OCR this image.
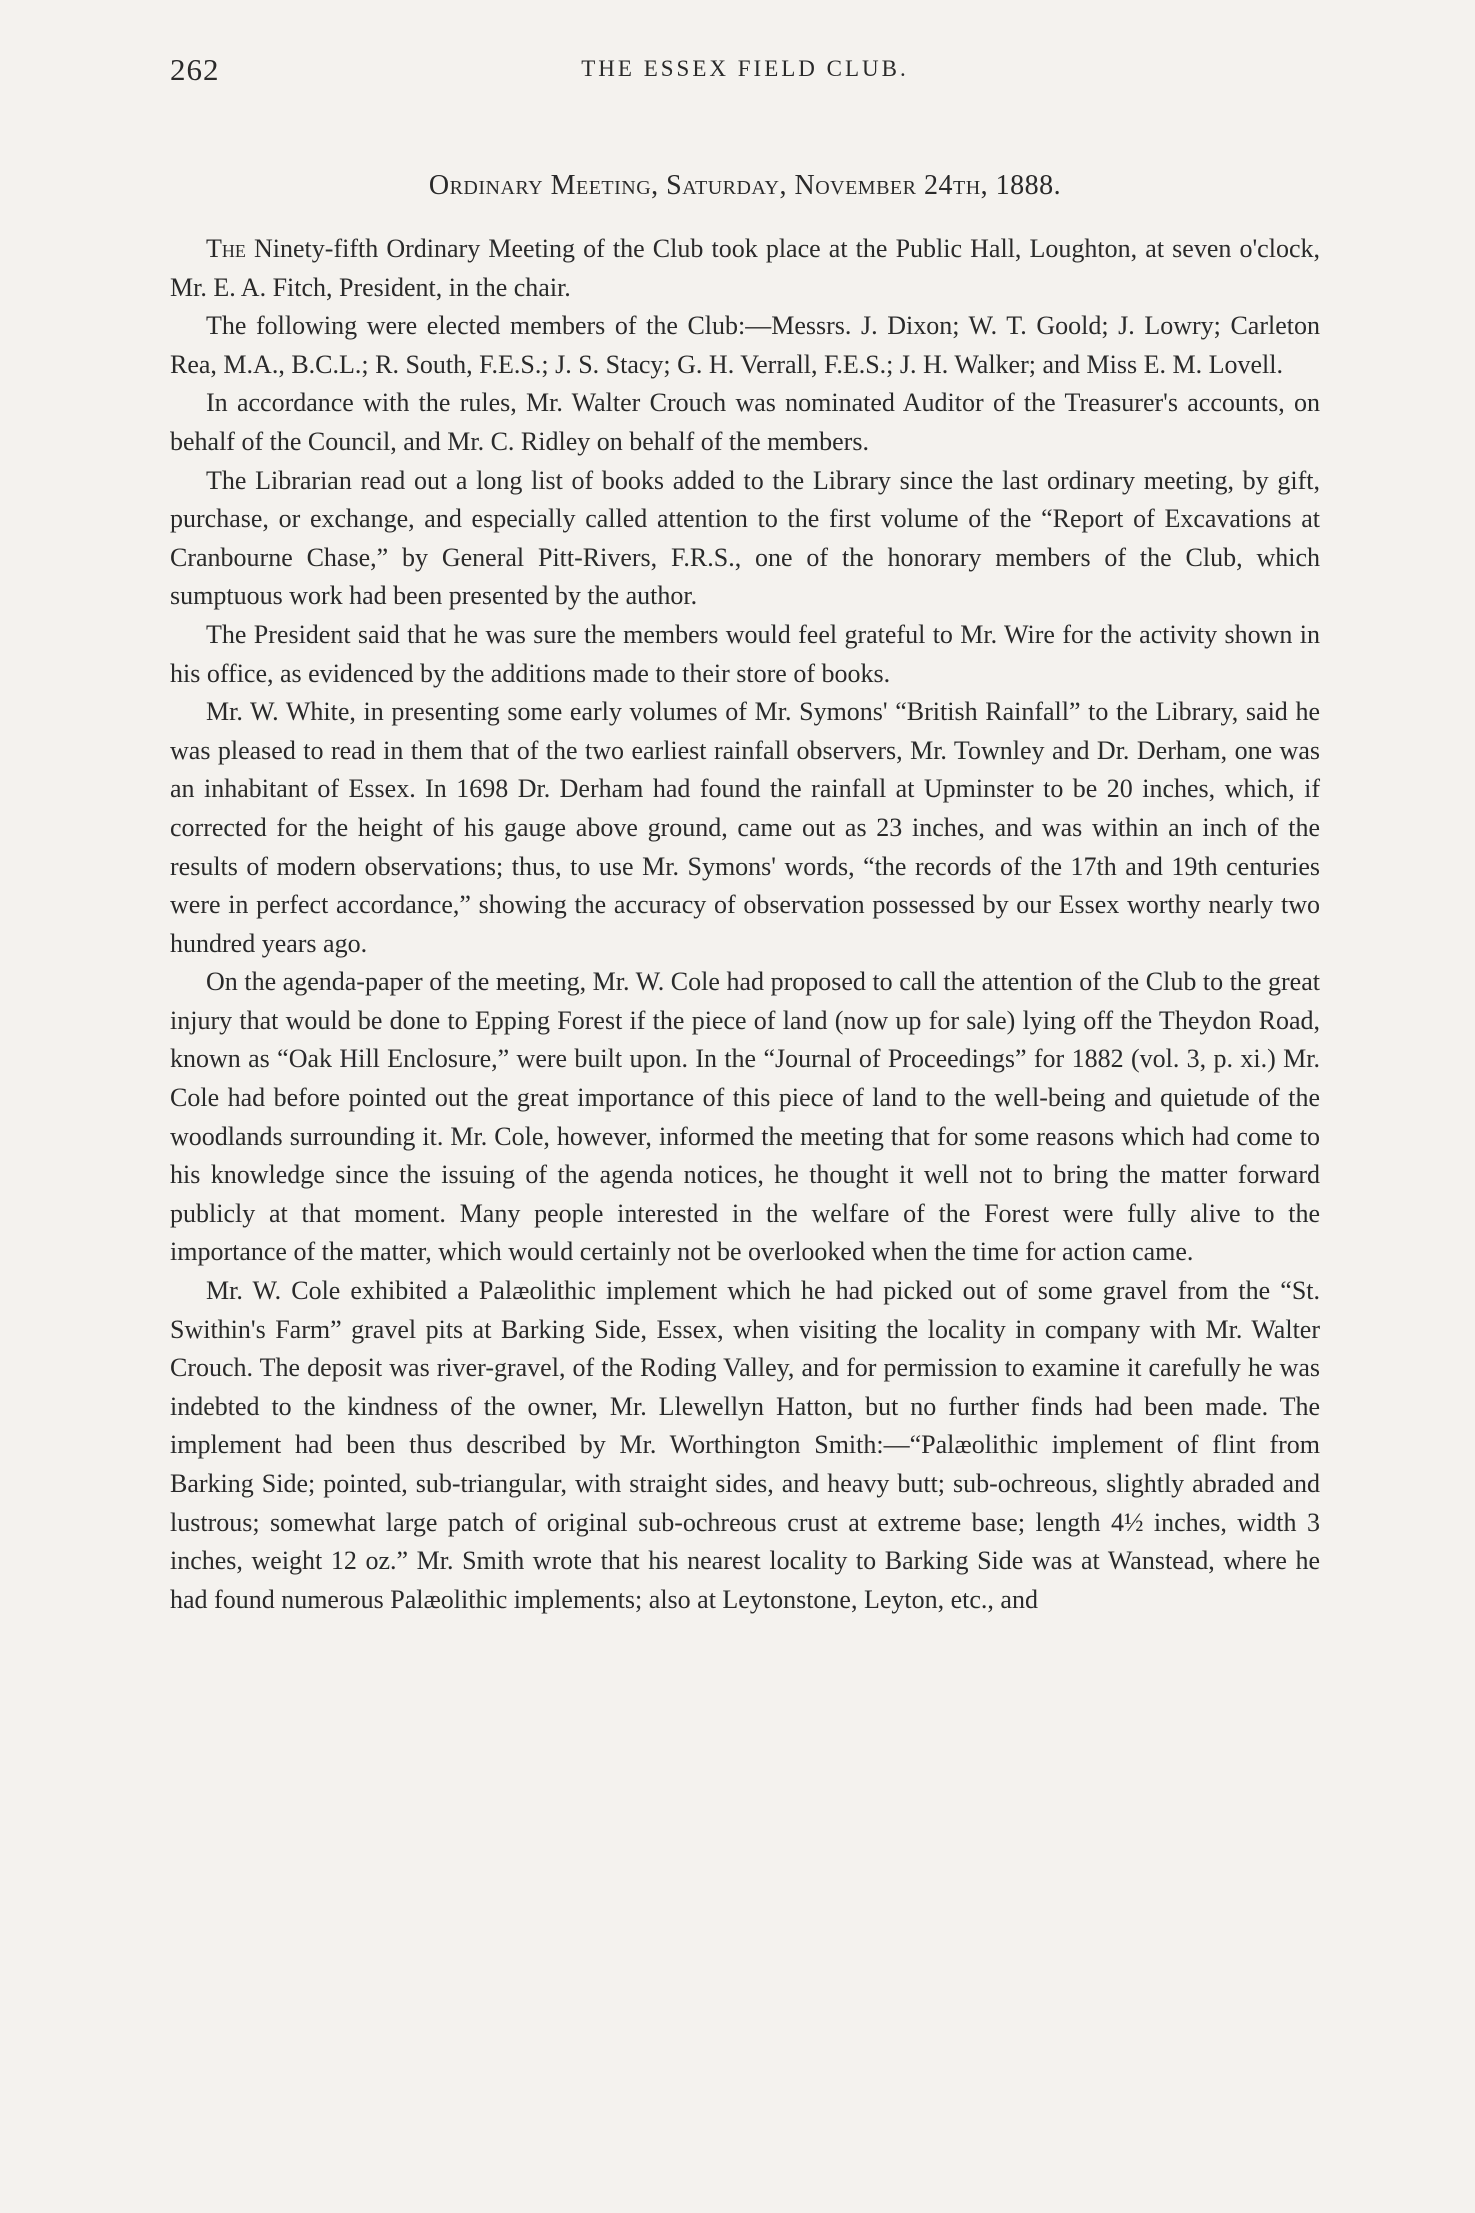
262	THE ESSEX FIELD CLUB.
Ordinary Meeting, Saturday, November 24th, 1888.

The Ninety-fifth Ordinary Meeting of the Club took place at the Public Hall, Loughton, at seven o'clock, Mr. E. A. Fitch, President, in the chair.

The following were elected members of the Club:—Messrs. J. Dixon; W. T. Goold; J. Lowry; Carleton Rea, M.A., B.C.L.; R. South, F.E.S.; J. S. Stacy; G. H. Verrall, F.E.S.; J. H. Walker; and Miss E. M. Lovell.

In accordance with the rules, Mr. Walter Crouch was nominated Auditor of the Treasurer's accounts, on behalf of the Council, and Mr. C. Ridley on behalf of the members.

The Librarian read out a long list of books added to the Library since the last ordinary meeting, by gift, purchase, or exchange, and especially called attention to the first volume of the “Report of Excavations at Cranbourne Chase,” by General Pitt-Rivers, F.R.S., one of the honorary members of the Club, which sumptuous work had been presented by the author.

The President said that he was sure the members would feel grateful to Mr. Wire for the activity shown in his office, as evidenced by the additions made to their store of books.

Mr. W. White, in presenting some early volumes of Mr. Symons' “British Rainfall” to the Library, said he was pleased to read in them that of the two earliest rainfall observers, Mr. Townley and Dr. Derham, one was an inhabitant of Essex. In 1698 Dr. Derham had found the rainfall at Upminster to be 20 inches, which, if corrected for the height of his gauge above ground, came out as 23 inches, and was within an inch of the results of modern observations; thus, to use Mr. Symons' words, “the records of the 17th and 19th centuries were in perfect accordance,” showing the accuracy of observation possessed by our Essex worthy nearly two hundred years ago.

On the agenda-paper of the meeting, Mr. W. Cole had proposed to call the attention of the Club to the great injury that would be done to Epping Forest if the piece of land (now up for sale) lying off the Theydon Road, known as “Oak Hill Enclosure,” were built upon. In the “Journal of Proceedings” for 1882 (vol. 3, p. xi.) Mr. Cole had before pointed out the great importance of this piece of land to the well-being and quietude of the woodlands surrounding it. Mr. Cole, however, informed the meeting that for some reasons which had come to his knowledge since the issuing of the agenda notices, he thought it well not to bring the matter forward publicly at that moment. Many people interested in the welfare of the Forest were fully alive to the importance of the matter, which would certainly not be overlooked when the time for action came.

Mr. W. Cole exhibited a Palæolithic implement which he had picked out of some gravel from the “St. Swithin's Farm” gravel pits at Barking Side, Essex, when visiting the locality in company with Mr. Walter Crouch. The deposit was river-gravel, of the Roding Valley, and for permission to examine it carefully he was indebted to the kindness of the owner, Mr. Llewellyn Hatton, but no further finds had been made. The implement had been thus described by Mr. Worthington Smith:—“Palæolithic implement of flint from Barking Side; pointed, sub-triangular, with straight sides, and heavy butt; sub-ochreous, slightly abraded and lustrous; somewhat large patch of original sub-ochreous crust at extreme base; length 4½ inches, width 3 inches, weight 12 oz.” Mr. Smith wrote that his nearest locality to Barking Side was at Wanstead, where he had found numerous Palæolithic implements; also at Leytonstone, Leyton, etc., and
